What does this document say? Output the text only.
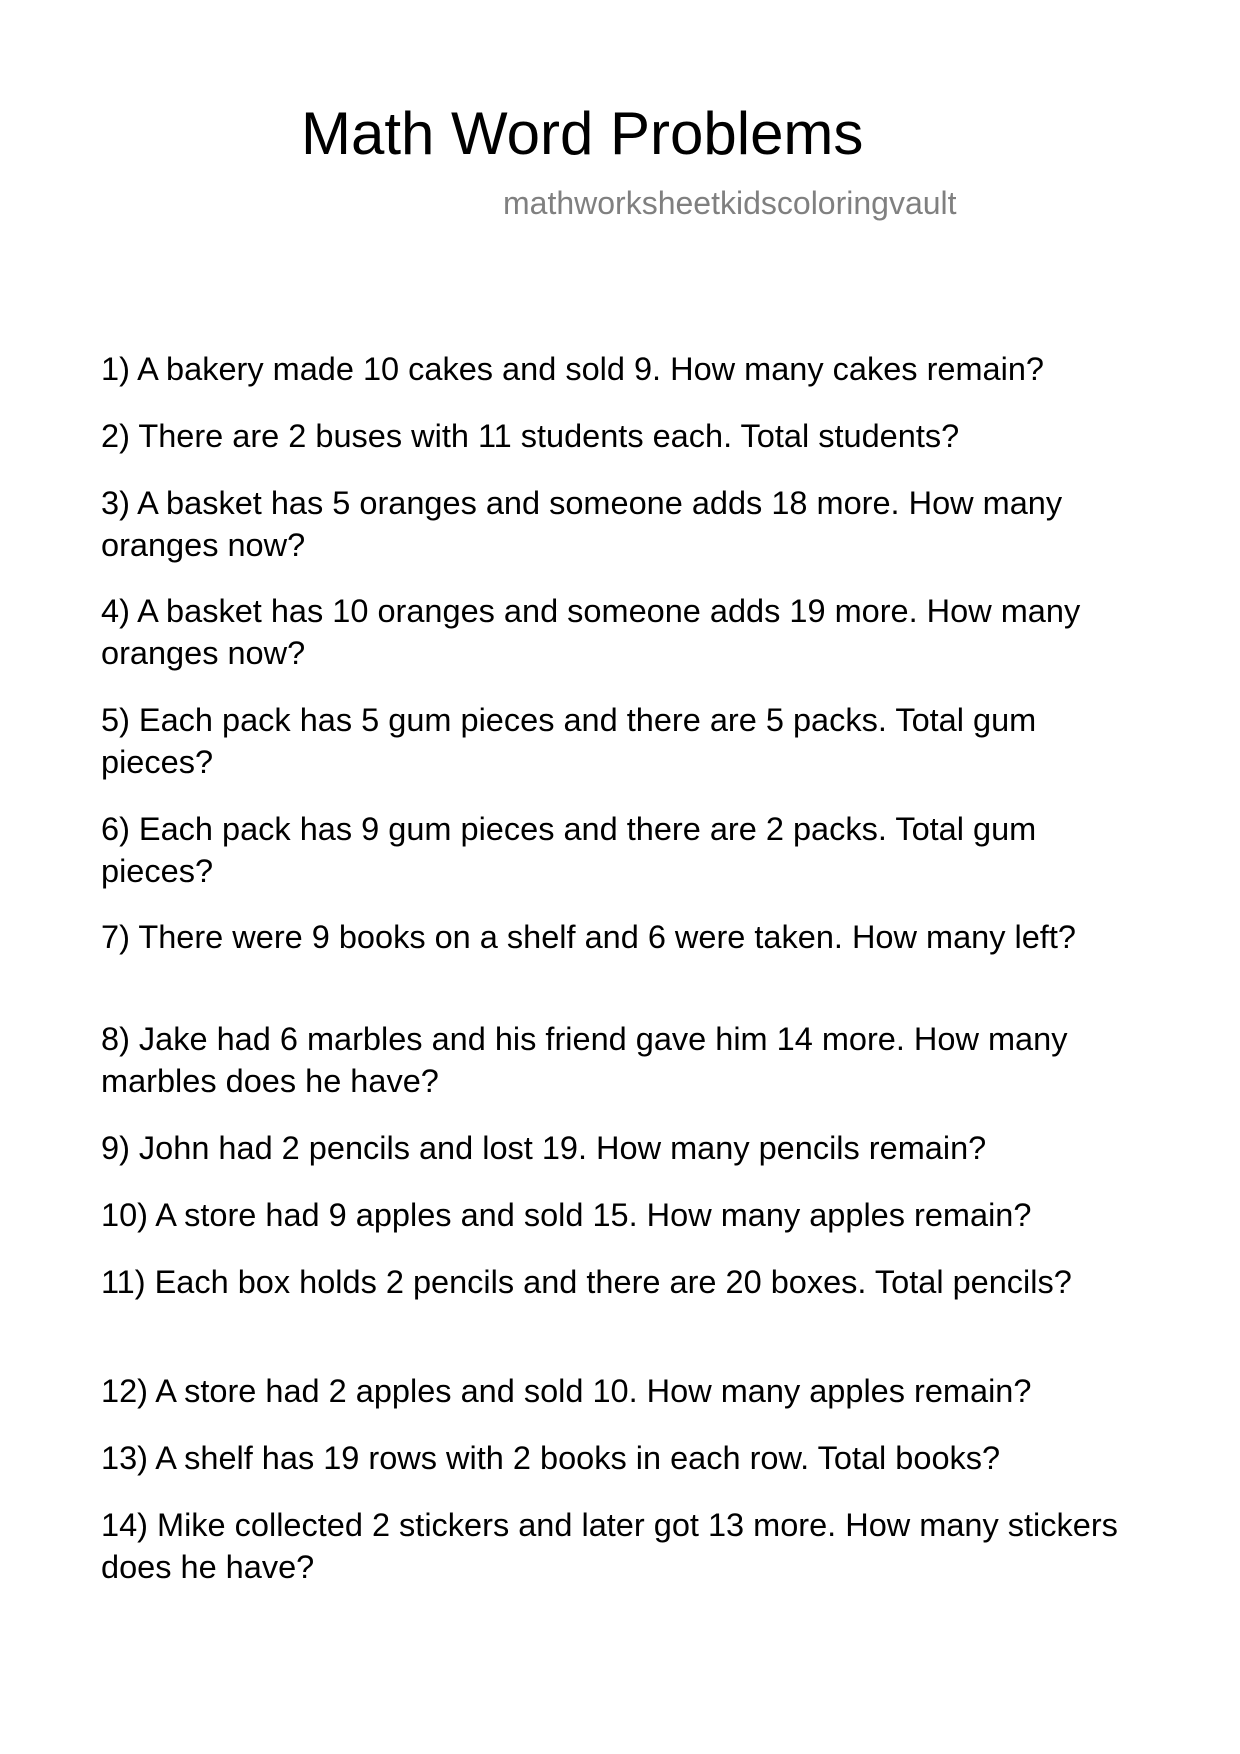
Math Word Problems
mathworksheetkidscoloringvault
1) A bakery made 10 cakes and sold 9. How many cakes remain?
2) There are 2 buses with 11 students each. Total students?
3) A basket has 5 oranges and someone adds 18 more. How many oranges now?
4) A basket has 10 oranges and someone adds 19 more. How many oranges now?
5) Each pack has 5 gum pieces and there are 5 packs. Total gum pieces?
6) Each pack has 9 gum pieces and there are 2 packs. Total gum pieces?
7) There were 9 books on a shelf and 6 were taken. How many left?
8) Jake had 6 marbles and his friend gave him 14 more. How many marbles does he have?
9) John had 2 pencils and lost 19. How many pencils remain?
10) A store had 9 apples and sold 15. How many apples remain?
11) Each box holds 2 pencils and there are 20 boxes. Total pencils?
12) A store had 2 apples and sold 10. How many apples remain?
13) A shelf has 19 rows with 2 books in each row. Total books?
14) Mike collected 2 stickers and later got 13 more. How many stickers does he have?
